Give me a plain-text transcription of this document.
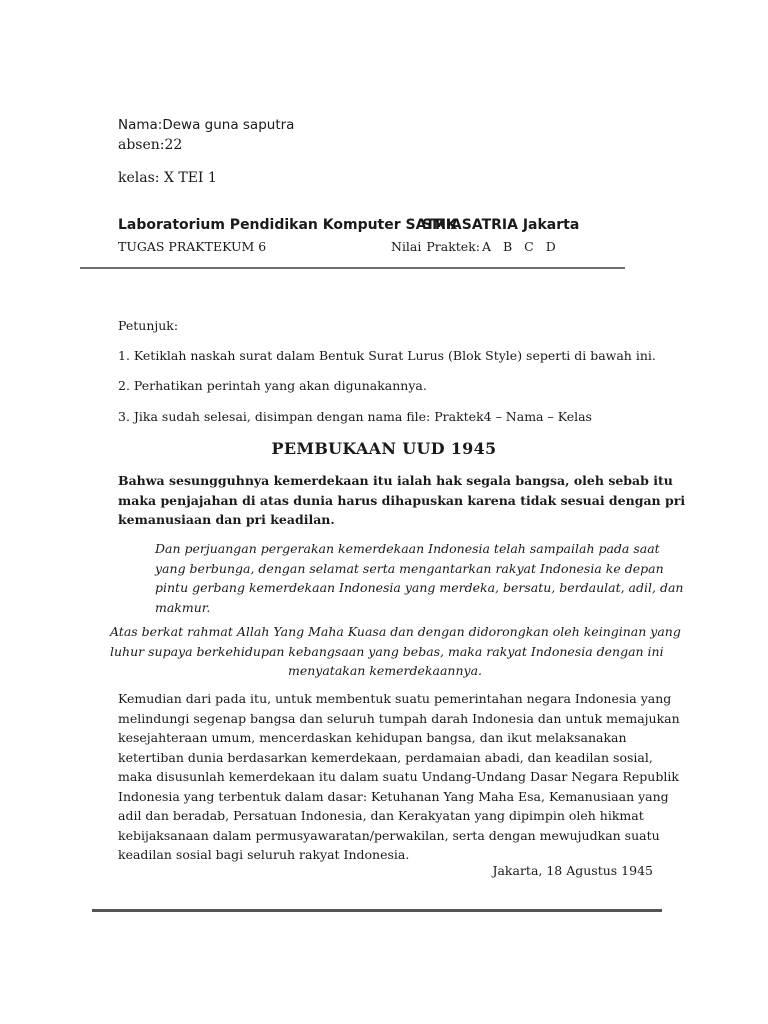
Nama:Dewa guna saputra

absen:22

kelas: X TEI 1

Laboratorium Pendidikan Komputer SATRIA

SMK SATRIA Jakarta

TUGAS PRAKTEKUM 6	Nilai Praktek: A B C D

Petunjuk:

1. Ketiklah naskah surat dalam Bentuk Surat Lurus (Blok Style) seperti di bawah ini.

2. Perhatikan perintah yang akan digunakannya.

3. Jika sudah selesai, disimpan dengan nama file: Praktek4 – Nama – Kelas

PEMBUKAAN UUD 1945

Bahwa sesungguhnya kemerdekaan itu ialah hak segala bangsa, oleh sebab itu
maka penjajahan di atas dunia harus dihapuskan karena tidak sesuai dengan pri
kemanusiaan dan pri keadilan.
Dan perjuangan pergerakan kemerdekaan Indonesia telah sampailah pada saat
yang berbunga, dengan selamat serta mengantarkan rakyat Indonesia ke depan
pintu gerbang kemerdekaan Indonesia yang merdeka, bersatu, berdaulat, adil, dan
makmur.
Atas berkat rahmat Allah Yang Maha Kuasa dan dengan didorongkan oleh keinginan yang
luhur supaya berkehidupan kebangsaan yang bebas, maka rakyat Indonesia dengan ini
menyatakan kemerdekaannya.
Kemudian dari pada itu, untuk membentuk suatu pemerintahan negara Indonesia yang
melindungi segenap bangsa dan seluruh tumpah darah Indonesia dan untuk memajukan
kesejahteraan umum, mencerdaskan kehidupan bangsa, dan ikut melaksanakan
ketertiban dunia berdasarkan kemerdekaan, perdamaian abadi, dan keadilan sosial,
maka disusunlah kemerdekaan itu dalam suatu Undang-Undang Dasar Negara Republik
Indonesia yang terbentuk dalam dasar: Ketuhanan Yang Maha Esa, Kemanusiaan yang
adil dan beradab, Persatuan Indonesia, dan Kerakyatan yang dipimpin oleh hikmat
kebijaksanaan dalam permusyawaratan/perwakilan, serta dengan mewujudkan suatu
keadilan sosial bagi seluruh rakyat Indonesia.

Jakarta, 18 Agustus 1945
